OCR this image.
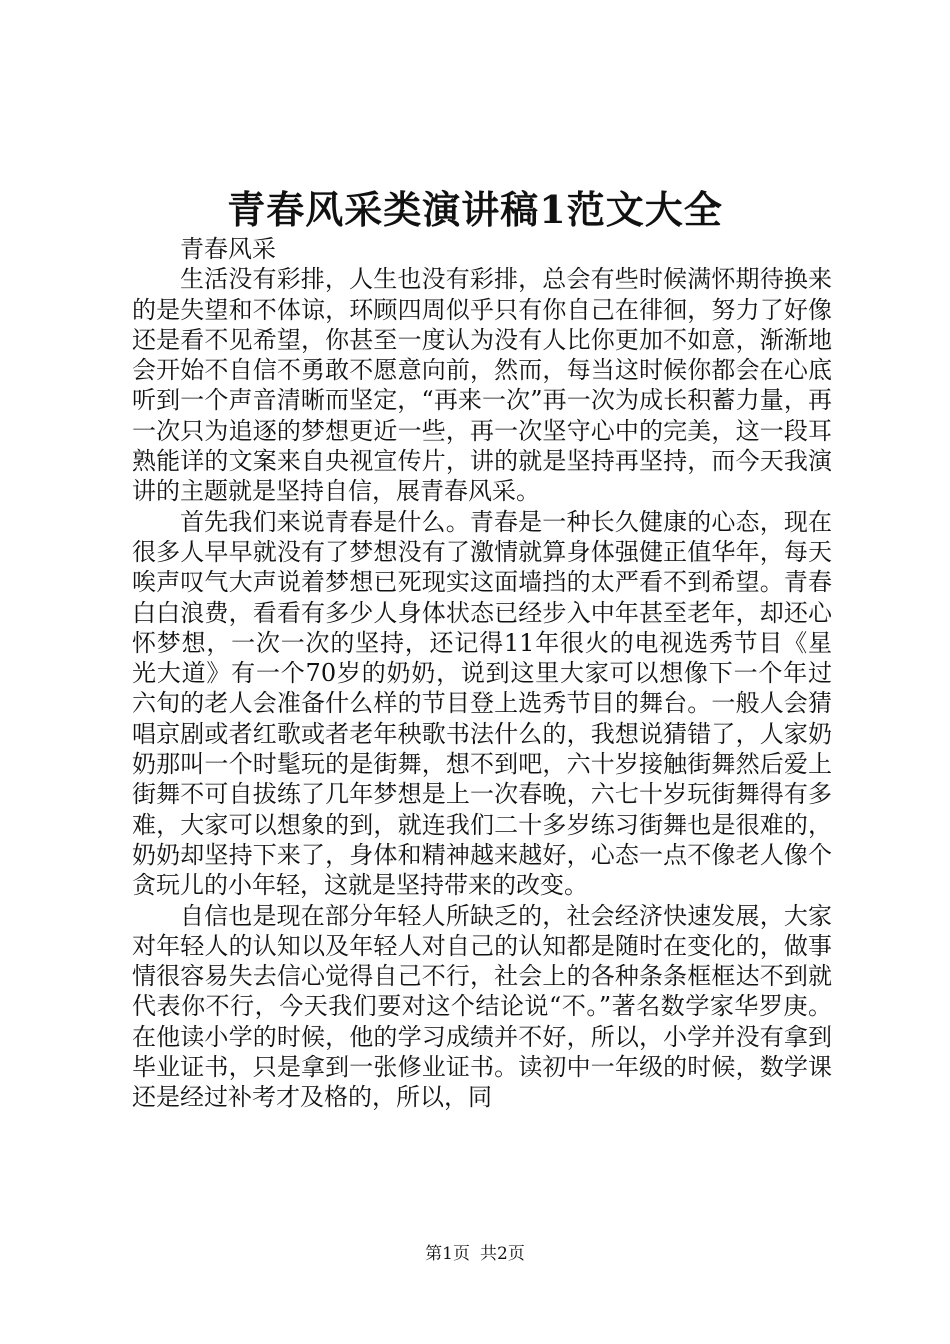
青春风采类演讲稿1范文大全

青春风采

生活没有彩排，人生也没有彩排，总会有些时候满怀期待换来的是失望和不体谅，环顾四周似乎只有你自己在徘徊，努力了好像还是看不见希望，你甚至一度认为没有人比你更加不如意，渐渐地会开始不自信不勇敢不愿意向前，然而，每当这时候你都会在心底听到一个声音清晰而坚定，“再来一次”再一次为成长积蓄力量，再一次只为追逐的梦想更近一些，再一次坚守心中的完美，这一段耳熟能详的文案来自央视宣传片，讲的就是坚持再坚持，而今天我演讲的主题就是坚持自信，展青春风采。

首先我们来说青春是什么。青春是一种长久健康的心态，现在很多人早早就没有了梦想没有了激情就算身体强健正值华年，每天唉声叹气大声说着梦想已死现实这面墙挡的太严看不到希望。青春白白浪费，看看有多少人身体状态已经步入中年甚至老年，却还心怀梦想，一次一次的坚持，还记得11年很火的电视选秀节目《星光大道》有一个70岁的奶奶，说到这里大家可以想像下一个年过六旬的老人会准备什么样的节目登上选秀节目的舞台。一般人会猜唱京剧或者红歌或者老年秧歌书法什么的，我想说猜错了，人家奶奶那叫一个时髦玩的是街舞，想不到吧，六十岁接触街舞然后爱上街舞不可自拔练了几年梦想是上一次春晚，六七十岁玩街舞得有多难，大家可以想象的到，就连我们二十多岁练习街舞也是很难的，奶奶却坚持下来了，身体和精神越来越好，心态一点不像老人像个贪玩儿的小年轻，这就是坚持带来的改变。

自信也是现在部分年轻人所缺乏的，社会经济快速发展，大家对年轻人的认知以及年轻人对自己的认知都是随时在变化的，做事情很容易失去信心觉得自己不行，社会上的各种条条框框达不到就代表你不行，今天我们要对这个结论说“不。”著名数学家华罗庚。在他读小学的时候，他的学习成绩并不好，所以，小学并没有拿到毕业证书，只是拿到一张修业证书。读初中一年级的时候，数学课还是经过补考才及格的，所以，同

第1页 共2页
